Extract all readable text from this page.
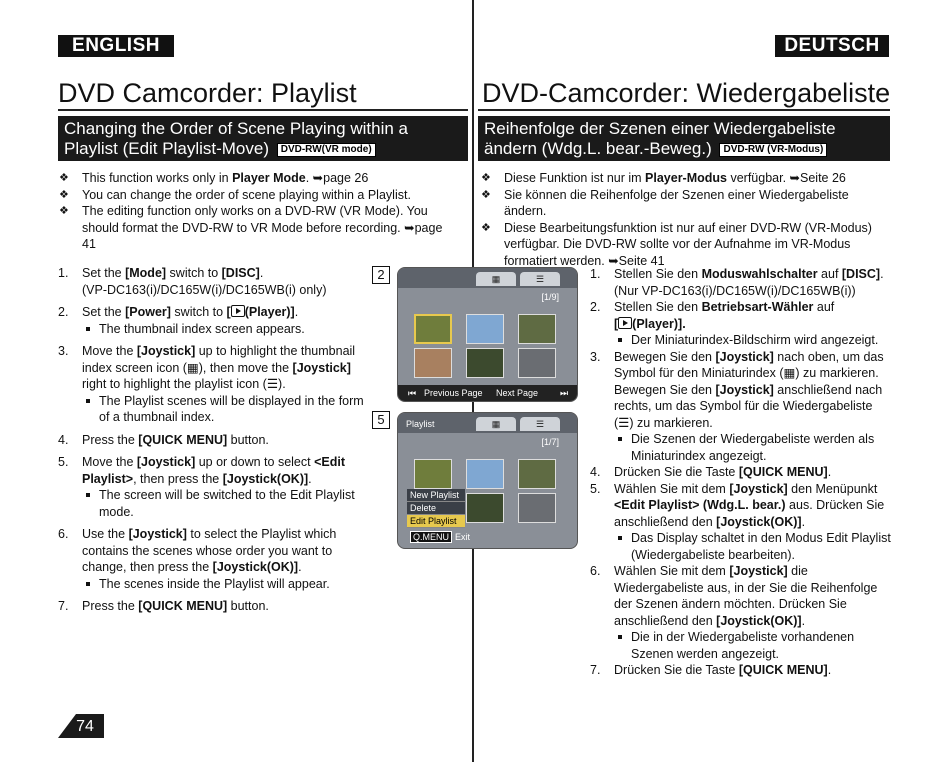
ENGLISH
DVD Camcorder: Playlist
Changing the Order of Scene Playing within a
Playlist (Edit Playlist-Move) DVD-RW(VR mode)
❖ This function works only in Player Mode. ➥page 26
❖ You can change the order of scene playing within a Playlist.
❖ The editing function only works on a DVD-RW (VR Mode). You should format the DVD-RW to VR Mode before recording. ➥page 41
1. Set the [Mode] switch to [DISC].
(VP-DC163(i)/DC165W(i)/DC165WB(i) only)
2. Set the [Power] switch to [ (Player)].
The thumbnail index screen appears.
3. Move the [Joystick] up to highlight the thumbnail index screen icon (▦), then move the [Joystick] right to highlight the playlist icon (☰).
The Playlist scenes will be displayed in the form of a thumbnail index.
4. Press the [QUICK MENU] button.
5. Move the [Joystick] up or down to select <Edit Playlist>, then press the [Joystick(OK)].
The screen will be switched to the Edit Playlist mode.
6. Use the [Joystick] to select the Playlist which contains the scenes whose order you want to change, then press the [Joystick(OK)].
The scenes inside the Playlist will appear.
7. Press the [QUICK MENU] button.
2	▦	☰
[1/9]
⏮ Previous Page Next Page ⏭
5	Playlist	▦	☰
[1/7]
New Playlist
Delete
Edit Playlist
Q.MENU Exit
DEUTSCH
DVD-Camcorder: Wiedergabeliste
Reihenfolge der Szenen einer Wiedergabeliste
ändern (Wdg.L. bear.-Beweg.) DVD-RW (VR-Modus)
❖ Diese Funktion ist nur im Player-Modus verfügbar. ➥Seite 26
❖ Sie können die Reihenfolge der Szenen einer Wiedergabeliste ändern.
❖ Diese Bearbeitungsfunktion ist nur auf einer DVD-RW (VR-Modus) verfügbar. Die DVD-RW sollte vor der Aufnahme im VR-Modus formatiert werden. ➥Seite 41
1. Stellen Sie den Moduswahlschalter auf [DISC].
(Nur VP-DC163(i)/DC165W(i)/DC165WB(i))
2. Stellen Sie den Betriebsart-Wähler auf
[ (Player)].
Der Miniaturindex-Bildschirm wird angezeigt.
3. Bewegen Sie den [Joystick] nach oben, um das Symbol für den Miniaturindex (▦) zu markieren. Bewegen Sie den [Joystick] anschließend nach rechts, um das Symbol für die Wiedergabeliste (☰) zu markieren.
Die Szenen der Wiedergabeliste werden als Miniaturindex angezeigt.
4. Drücken Sie die Taste [QUICK MENU].
5. Wählen Sie mit dem [Joystick] den Menüpunkt <Edit Playlist> (Wdg.L. bear.) aus. Drücken Sie anschließend den [Joystick(OK)].
Das Display schaltet in den Modus Edit Playlist (Wiedergabeliste bearbeiten).
6. Wählen Sie mit dem [Joystick] die Wiedergabeliste aus, in der Sie die Reihenfolge der Szenen ändern möchten. Drücken Sie anschließend den [Joystick(OK)].
Die in der Wiedergabeliste vorhandenen Szenen werden angezeigt.
7. Drücken Sie die Taste [QUICK MENU].
74
